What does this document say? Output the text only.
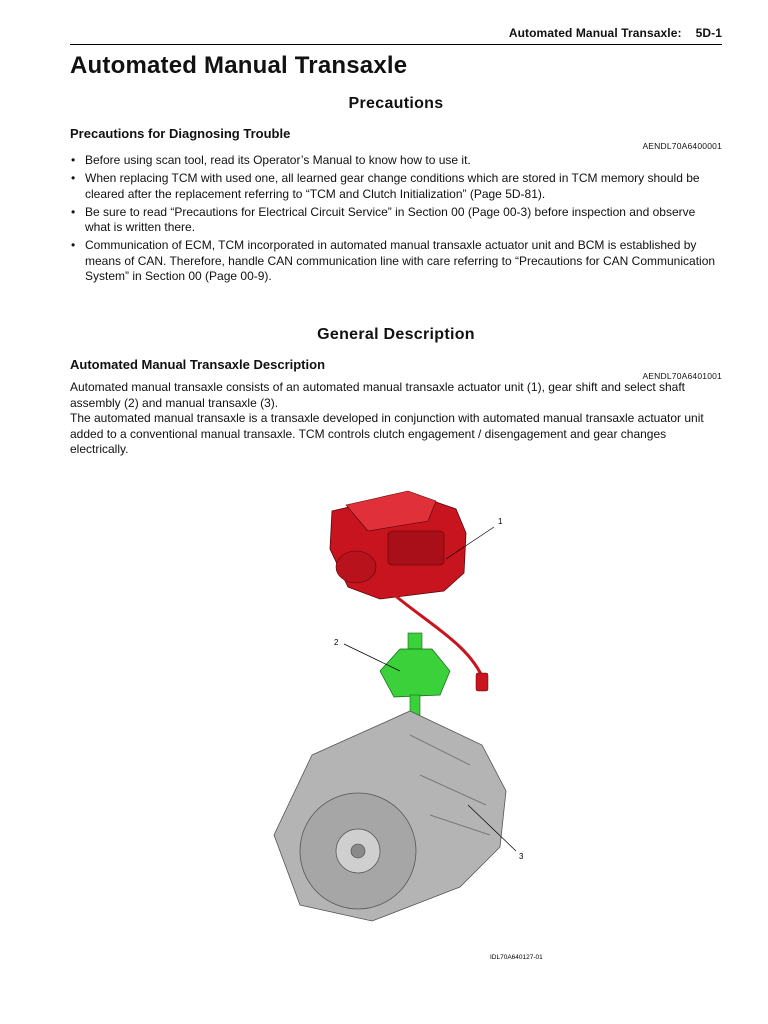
Automated Manual Transaxle: 5D-1
Automated Manual Transaxle
Precautions
Precautions for Diagnosing Trouble
AENDL70A6400001
• Before using scan tool, read its Operator’s Manual to know how to use it.
• When replacing TCM with used one, all learned gear change conditions which are stored in TCM memory should be cleared after the replacement referring to “TCM and Clutch Initialization” (Page 5D-81).
• Be sure to read “Precautions for Electrical Circuit Service” in Section 00 (Page 00-3) before inspection and observe what is written there.
• Communication of ECM, TCM incorporated in automated manual transaxle actuator unit and BCM is established by means of CAN. Therefore, handle CAN communication line with care referring to “Precautions for CAN Communication System” in Section 00 (Page 00-9).
General Description
Automated Manual Transaxle Description
AENDL70A6401001

Automated manual transaxle consists of an automated manual transaxle actuator unit (1), gear shift and select shaft assembly (2) and manual transaxle (3).

The automated manual transaxle is a transaxle developed in conjunction with automated manual transaxle actuator unit added to a conventional manual transaxle. TCM controls clutch engagement / disengagement and gear changes electrically.

1
2
3
IDL70A640127-01
